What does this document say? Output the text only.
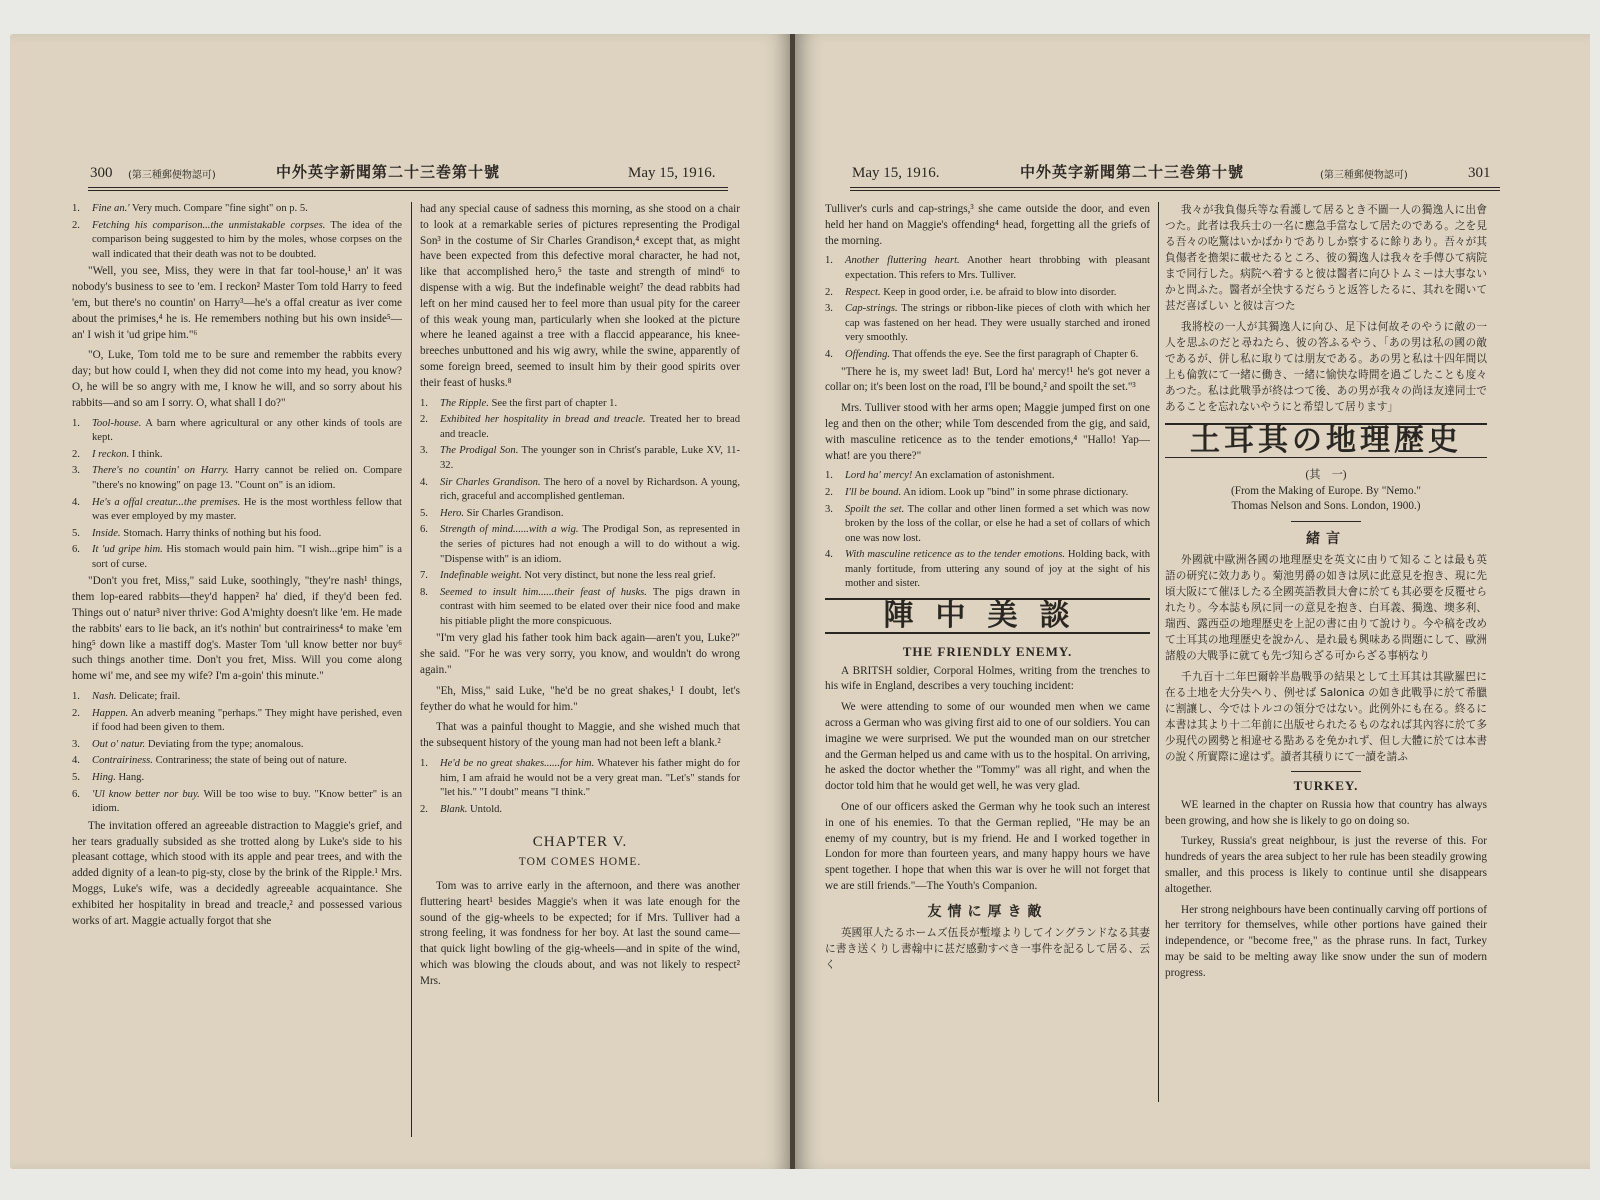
300 (第三種郵便物認可)	中外英字新聞第二十三巻第十號	May 15, 1916.
1.	Fine an.' Very much. Compare "fine sight" on p. 5.
2.	Fetching his comparison...the unmistakable corpses. The idea of the comparison being suggested to him by the moles, whose corpses on the wall indicated that their death was not to be doubted.

"Well, you see, Miss, they were in that far tool-house,¹ an' it was nobody's business to see to 'em. I reckon² Master Tom told Harry to feed 'em, but there's no countin' on Harry³—he's a offal creatur as iver come about the primises,⁴ he is. He remembers nothing but his own inside⁵—an' I wish it 'ud gripe him."⁶

"O, Luke, Tom told me to be sure and remember the rabbits every day; but how could I, when they did not come into my head, you know? O, he will be so angry with me, I know he will, and so sorry about his rabbits—and so am I sorry. O, what shall I do?"

1.	Tool-house. A barn where agricultural or any other kinds of tools are kept.
2.	I reckon. I think.
3.	There's no countin' on Harry. Harry cannot be relied on. Compare "there's no knowing" on page 13. "Count on" is an idiom.
4.	He's a offal creatur...the premises. He is the most worthless fellow that was ever employed by my master.
5.	Inside. Stomach. Harry thinks of nothing but his food.
6.	It 'ud gripe him. His stomach would pain him. "I wish...gripe him" is a sort of curse.

"Don't you fret, Miss," said Luke, soothingly, "they're nash¹ things, them lop-eared rabbits—they'd happen² ha' died, if they'd been fed. Things out o' natur³ niver thrive: God A'mighty doesn't like 'em. He made the rabbits' ears to lie back, an it's nothin' but contrairiness⁴ to make 'em hing⁵ down like a mastiff dog's. Master Tom 'ull know better nor buy⁶ such things another time. Don't you fret, Miss. Will you come along home wi' me, and see my wife? I'm a-goin' this minute."

1.	Nash. Delicate; frail.
2.	Happen. An adverb meaning "perhaps." They might have perished, even if food had been given to them.
3.	Out o' natur. Deviating from the type; anomalous.
4.	Contrairiness. Contrariness; the state of being out of nature.
5.	Hing. Hang.
6.	'Ul know better nor buy. Will be too wise to buy. "Know better" is an idiom.

The invitation offered an agreeable distraction to Maggie's grief, and her tears gradually subsided as she trotted along by Luke's side to his pleasant cottage, which stood with its apple and pear trees, and with the added dignity of a lean-to pig-sty, close by the brink of the Ripple.¹ Mrs. Moggs, Luke's wife, was a decidedly agreeable acquaintance. She exhibited her hospitality in bread and treacle,² and possessed various works of art. Maggie actually forgot that she

had any special cause of sadness this morning, as she stood on a chair to look at a remarkable series of pictures representing the Prodigal Son³ in the costume of Sir Charles Grandison,⁴ except that, as might have been expected from this defective moral character, he had not, like that accomplished hero,⁵ the taste and strength of mind⁶ to dispense with a wig. But the indefinable weight⁷ the dead rabbits had left on her mind caused her to feel more than usual pity for the career of this weak young man, particularly when she looked at the picture where he leaned against a tree with a flaccid appearance, his knee-breeches unbuttoned and his wig awry, while the swine, apparently of some foreign breed, seemed to insult him by their good spirits over their feast of husks.⁸

1.	The Ripple. See the first part of chapter 1.
2.	Exhibited her hospitality in bread and treacle. Treated her to bread and treacle.
3.	The Prodigal Son. The younger son in Christ's parable, Luke XV, 11-32.
4.	Sir Charles Grandison. The hero of a novel by Richardson. A young, rich, graceful and accomplished gentleman.
5.	Hero. Sir Charles Grandison.
6.	Strength of mind......with a wig. The Prodigal Son, as represented in the series of pictures had not enough a will to do without a wig. "Dispense with" is an idiom.
7.	Indefinable weight. Not very distinct, but none the less real grief.
8.	Seemed to insult him......their feast of husks. The pigs drawn in contrast with him seemed to be elated over their nice food and make his pitiable plight the more conspicuous.

"I'm very glad his father took him back again—aren't you, Luke?" she said. "For he was very sorry, you know, and wouldn't do wrong again."

"Eh, Miss," said Luke, "he'd be no great shakes,¹ I doubt, let's feyther do what he would for him."

That was a painful thought to Maggie, and she wished much that the subsequent history of the young man had not been left a blank.²

1.	He'd be no great shakes......for him. Whatever his father might do for him, I am afraid he would not be a very great man. "Let's" stands for "let his." "I doubt" means "I think."
2.	Blank. Untold.
CHAPTER V.
TOM COMES HOME.

Tom was to arrive early in the afternoon, and there was another fluttering heart¹ besides Maggie's when it was late enough for the sound of the gig-wheels to be expected; for if Mrs. Tulliver had a strong feeling, it was fondness for her boy. At last the sound came—that quick light bowling of the gig-wheels—and in spite of the wind, which was blowing the clouds about, and was not likely to respect² Mrs.

May 15, 1916.	中外英字新聞第二十三巻第十號	(第三種郵便物認可)	301

Tulliver's curls and cap-strings,³ she came outside the door, and even held her hand on Maggie's offending⁴ head, forgetting all the griefs of the morning.

1.	Another fluttering heart. Another heart throbbing with pleasant expectation. This refers to Mrs. Tulliver.
2.	Respect. Keep in good order, i.e. be afraid to blow into disorder.
3.	Cap-strings. The strings or ribbon-like pieces of cloth with which her cap was fastened on her head. They were usually starched and ironed very smoothly.
4.	Offending. That offends the eye. See the first paragraph of Chapter 6.

"There he is, my sweet lad! But, Lord ha' mercy!¹ he's got never a collar on; it's been lost on the road, I'll be bound,² and spoilt the set."³

Mrs. Tulliver stood with her arms open; Maggie jumped first on one leg and then on the other; while Tom descended from the gig, and said, with masculine reticence as to the tender emotions,⁴ "Hallo! Yap—what! are you there?"

1.	Lord ha' mercy! An exclamation of astonishment.
2.	I'll be bound. An idiom. Look up "bind" in some phrase dictionary.
3.	Spoilt the set. The collar and other linen formed a set which was now broken by the loss of the collar, or else he had a set of collars of which one was now lost.
4.	With masculine reticence as to the tender emotions. Holding back, with manly fortitude, from uttering any sound of joy at the sight of his mother and sister.
陣中美談
THE FRIENDLY ENEMY.

A BRITSH soldier, Corporal Holmes, writing from the trenches to his wife in England, describes a very touching incident:

We were attending to some of our wounded men when we came across a German who was giving first aid to one of our soldiers. You can imagine we were surprised. We put the wounded man on our stretcher and the German helped us and came with us to the hospital. On arriving, he asked the doctor whether the "Tommy" was all right, and when the doctor told him that he would get well, he was very glad.

One of our officers asked the German why he took such an interest in one of his enemies. To that the German replied, "He may be an enemy of my country, but is my friend. He and I worked together in London for more than fourteen years, and many happy hours we have spent together. I hope that when this war is over he will not forget that we are still friends."—The Youth's Companion.

友情に厚き敵

英國軍人たるホームズ伍長が塹壕よりしてイングランドなる其妻に書き送くりし書翰中に甚だ感動すべき一事件を記るして居る、云く

我々が我負傷兵等な看護して居るとき不圖一人の獨逸人に出會つた。此者は我兵士の一名に應急手當なして居たのである。之を見る吾々の吃驚はいかばかりでありしか察するに餘りあり。吾々が其負傷者を擔架に載せたるところ、彼の獨逸人は我々を手傳ひて病院まで同行した。病院へ着すると彼は醫者に向ひトムミーは大事ないかと問ふた。醫者が全快するだらうと返答したるに、其れを聞いて甚だ喜ばしい と彼は言つた

我將校の一人が其獨逸人に向ひ、足下は何故そのやうに敵の一人を思ふのだと尋ねたら、彼の答ふるやう、「あの男は私の國の敵であるが、併し私に取りては朋友である。あの男と私は十四年間以上も倫敦にて一緒に働き、一緒に愉快な時間を過ごしたことも度々あつた。私は此戰爭が終はつて後、あの男が我々の尚ほ友達同士であることを忘れないやうにと希望して居ります」

土耳其の地理歴史
(其　一)
(From the Making of Europe. By "Nemo."
Thomas Nelson and Sons. London, 1900.)
緒言

外國就中歐洲各國の地理歴史を英文に由りて知ることは最も英語の研究に效力あり。菊池男爵の如きは夙に此意見を抱き、現に先頃大阪にて催ほしたる全國英語教員大會に於ても其必要を反覆せられたり。今本誌も夙に同一の意見を抱き、白耳義、獨逸、墺多利、瑞西、露西亞の地理歴史を上記の書に由りて說けり。今や稿を改めて土耳其の地理歴史を說かん、是れ最も興味ある問題にして、歐洲諸般の大戰爭に就ても先づ知らざる可からざる事柄なり

千九百十二年巴爾幹半島戰爭の結果として土耳其は其歐羅巴に在る土地を大分失へり、例せば Salonica の如き此戰爭に於て希臘に割讓し、今ではトルコの領分ではない。此例外にも在る。終るに本書は其より十二年前に出版せられたるものなれば其內容に於て多少現代の國勢と相違せる點あるを免かれず、但し大體に於ては本書の說く所實際に違はず。讀者其積りにて一讀を請ふ

TURKEY.

WE learned in the chapter on Russia how that country has always been growing, and how she is likely to go on doing so.

Turkey, Russia's great neighbour, is just the reverse of this. For hundreds of years the area subject to her rule has been steadily growing smaller, and this process is likely to continue until she disappears altogether.

Her strong neighbours have been continually carving off portions of her territory for themselves, while other portions have gained their independence, or "become free," as the phrase runs. In fact, Turkey may be said to be melting away like snow under the sun of modern progress.
